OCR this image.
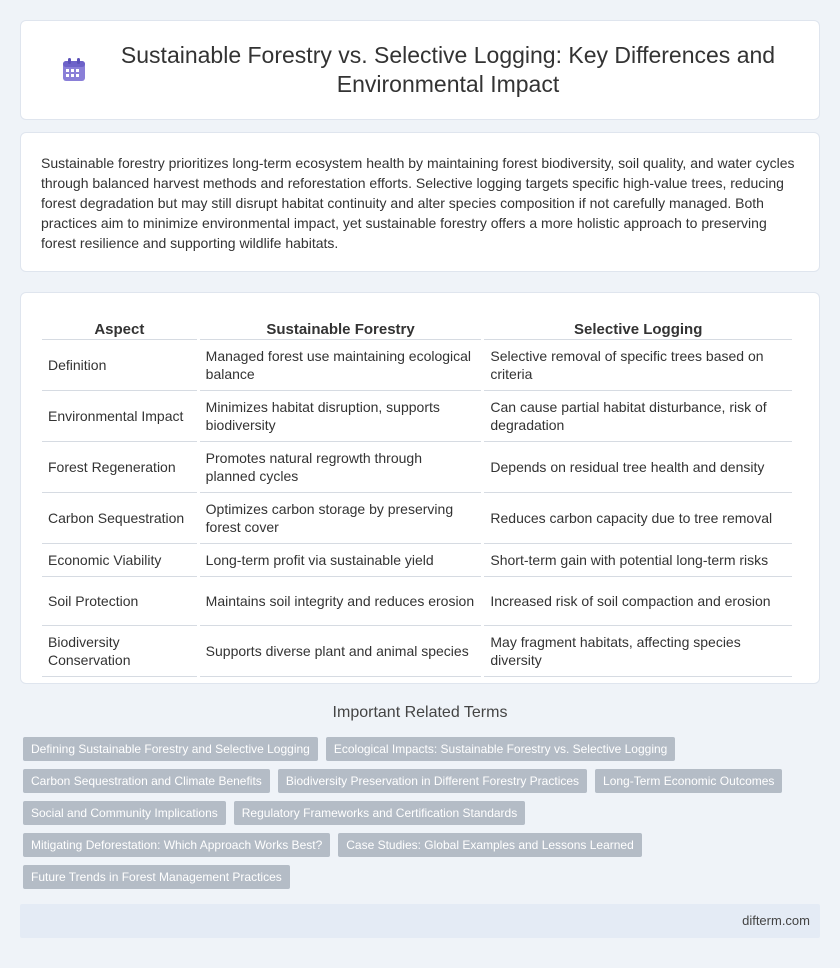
Sustainable Forestry vs. Selective Logging: Key Differences and Environmental Impact

Sustainable forestry prioritizes long-term ecosystem health by maintaining forest biodiversity, soil quality, and water cycles through balanced harvest methods and reforestation efforts. Selective logging targets specific high-value trees, reducing forest degradation but may still disrupt habitat continuity and alter species composition if not carefully managed. Both practices aim to minimize environmental impact, yet sustainable forestry offers a more holistic approach to preserving forest resilience and supporting wildlife habitats.

Aspect	Sustainable Forestry	Selective Logging
Definition	Managed forest use maintaining ecological balance	Selective removal of specific trees based on criteria
Environmental Impact	Minimizes habitat disruption, supports biodiversity	Can cause partial habitat disturbance, risk of degradation
Forest Regeneration	Promotes natural regrowth through planned cycles	Depends on residual tree health and density
Carbon Sequestration	Optimizes carbon storage by preserving forest cover	Reduces carbon capacity due to tree removal
Economic Viability	Long-term profit via sustainable yield	Short-term gain with potential long-term risks
Soil Protection	Maintains soil integrity and reduces erosion	Increased risk of soil compaction and erosion
Biodiversity Conservation	Supports diverse plant and animal species	May fragment habitats, affecting species diversity
Important Related Terms
Defining Sustainable Forestry and Selective Logging	Ecological Impacts: Sustainable Forestry vs. Selective Logging
Carbon Sequestration and Climate Benefits	Biodiversity Preservation in Different Forestry Practices	Long-Term Economic Outcomes
Social and Community Implications	Regulatory Frameworks and Certification Standards
Mitigating Deforestation: Which Approach Works Best?	Case Studies: Global Examples and Lessons Learned
Future Trends in Forest Management Practices
difterm.com
